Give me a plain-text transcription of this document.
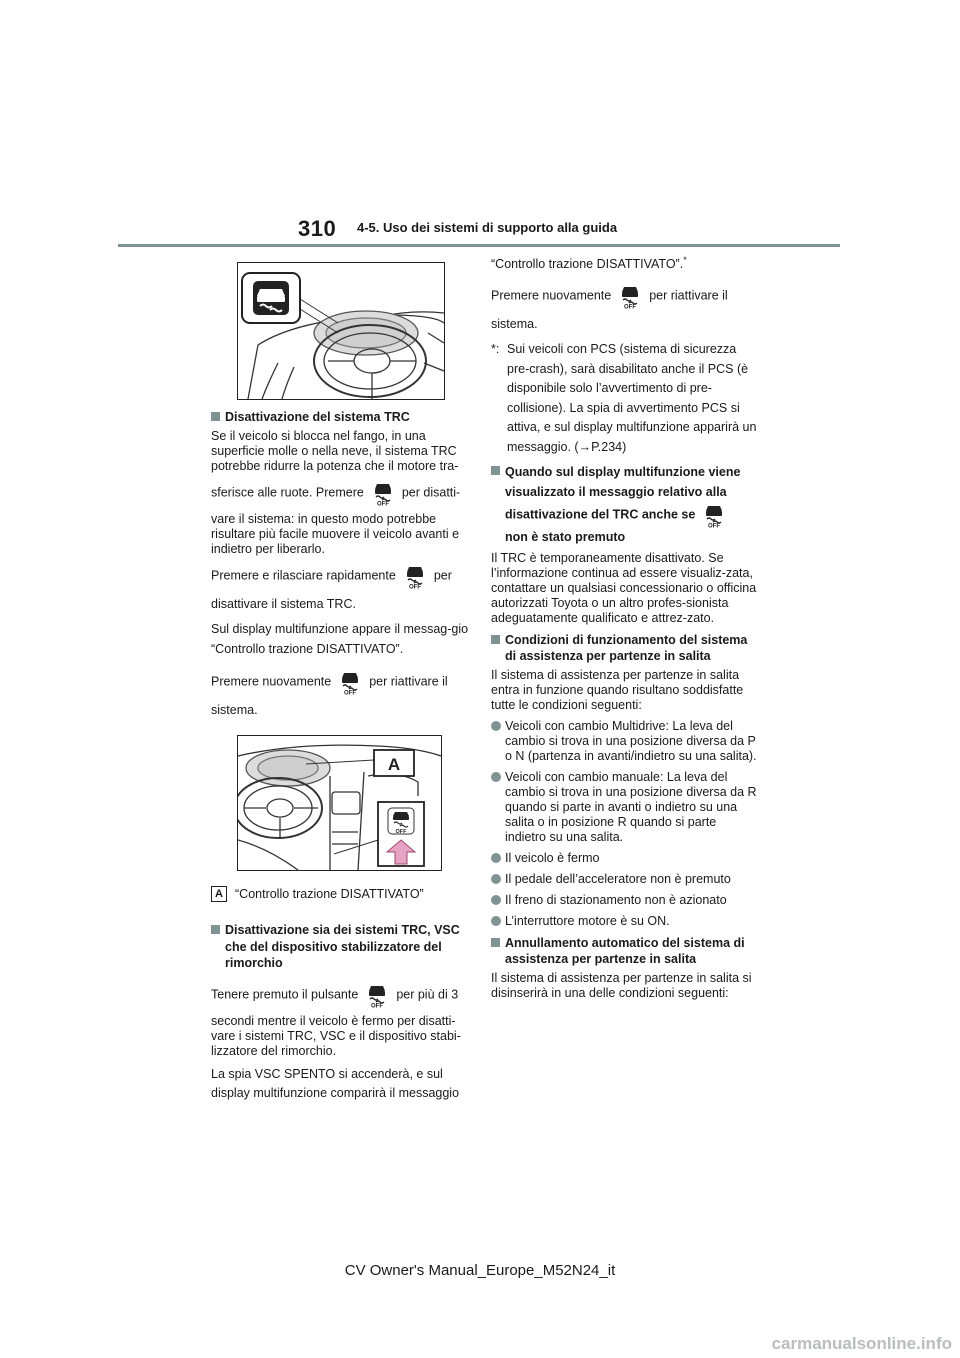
310 4-5. Uso dei sistemi di supporto alla guida
Disattivazione del sistema TRC

Se il veicolo si blocca nel fango, in una superficie molle o nella neve, il sistema TRC potrebbe ridurre la potenza che il motore tra-

sferisce alle ruote. Premere
OFF
per disatti-

vare il sistema: in questo modo potrebbe risultare più facile muovere il veicolo avanti e indietro per liberarlo.

Premere e rilasciare rapidamente
OFF
per

disattivare il sistema TRC.

Sul display multifunzione appare il messag-gio “Controllo trazione DISATTIVATO”.

Premere nuovamente
OFF
per riattivare il

sistema.

A
OFF
A “Controllo trazione DISATTIVATO”
Disattivazione sia dei sistemi TRC, VSC che del dispositivo stabilizzatore del rimorchio

Tenere premuto il pulsante
OFF
per più di 3

secondi mentre il veicolo è fermo per disatti-vare i sistemi TRC, VSC e il dispositivo stabi-lizzatore del rimorchio.

La spia VSC SPENTO si accenderà, e sul display multifunzione comparirà il messaggio

“Controllo trazione DISATTIVATO”.*

Premere nuovamente
OFF
per riattivare il

sistema.

*: Sui veicoli con PCS (sistema di sicurezza pre-crash), sarà disabilitato anche il PCS (è disponibile solo l’avvertimento di pre-collisione). La spia di avvertimento PCS si attiva, e sul display multifunzione apparirà un messaggio. (→P.234)
Quando sul display multifunzione viene visualizzato il messaggio relativo alla
disattivazione del TRC anche se
OFF

non è stato premuto

Il TRC è temporaneamente disattivato. Se l’informazione continua ad essere visualiz-zata, contattare un qualsiasi concessionario o officina autorizzati Toyota o un altro profes-sionista adeguatamente qualificato e attrez-zato.

Condizioni di funzionamento del sistema di assistenza per partenze in salita

Il sistema di assistenza per partenze in salita entra in funzione quando risultano soddisfatte tutte le condizioni seguenti:

Veicoli con cambio Multidrive: La leva del cambio si trova in una posizione diversa da P o N (partenza in avanti/indietro su una salita).
Veicoli con cambio manuale: La leva del cambio si trova in una posizione diversa da R quando si parte in avanti o indietro su una salita o in posizione R quando si parte indietro su una salita.
Il veicolo è fermo
Il pedale dell’acceleratore non è premuto
Il freno di stazionamento non è azionato
L’interruttore motore è su ON.
Annullamento automatico del sistema di assistenza per partenze in salita

Il sistema di assistenza per partenze in salita si disinserirà in una delle condizioni seguenti:

CV Owner's Manual_Europe_M52N24_it
carmanualsonline.info
